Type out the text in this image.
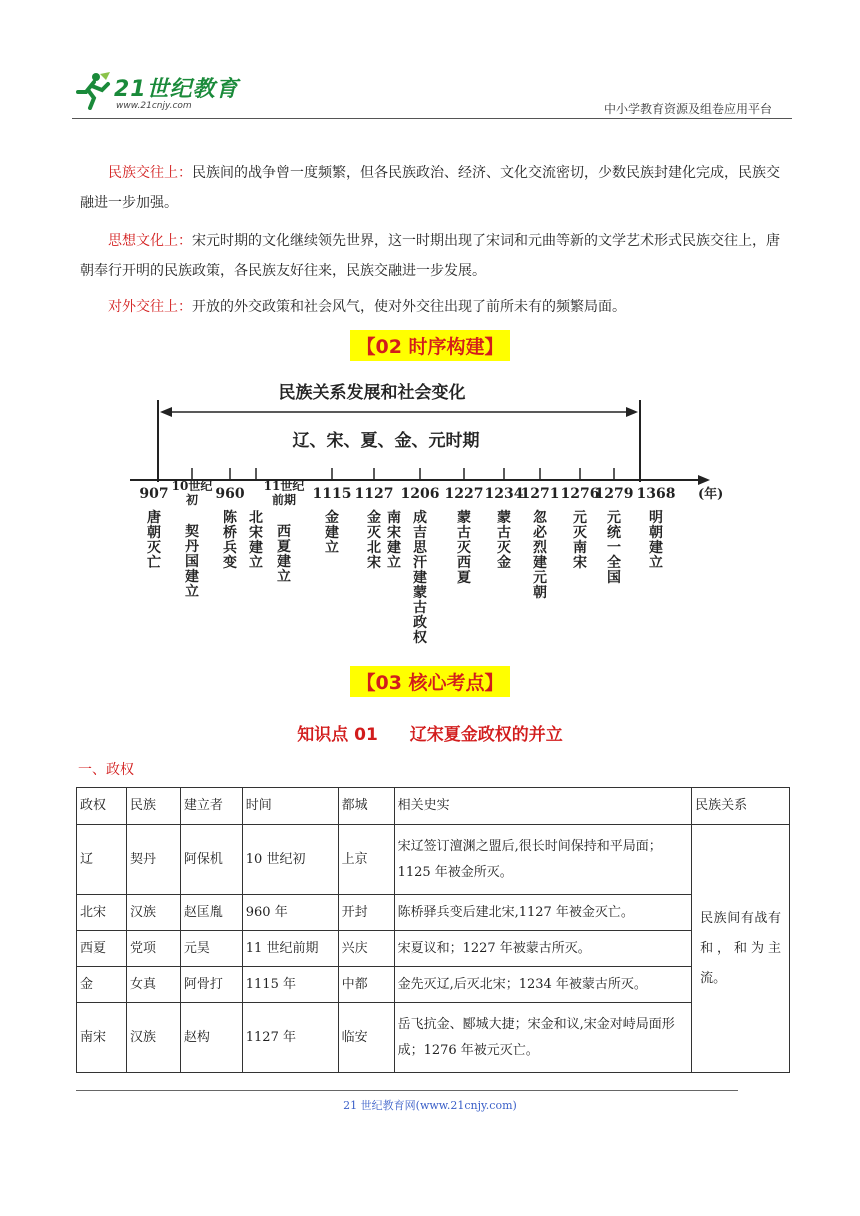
21世纪教育
www.21cnjy.com	中小学教育资源及组卷应用平台
民族交往上：民族间的战争曾一度频繁，但各民族政治、经济、文化交流密切，少数民族封建化完成，民族交融进一步加强。
思想文化上：宋元时期的文化继续领先世界，这一时期出现了宋词和元曲等新的文学艺术形式民族交往上，唐朝奉行开明的民族政策，各民族友好往来，民族交融进一步发展。
对外交往上：开放的外交政策和社会风气，使对外交往出现了前所未有的频繁局面。
【02 时序构建】
民族关系发展和社会变化
辽、宋、夏、金、元时期
(年)
907 10世纪
初 960 11世纪
前期 1115 1127 1206 1227 1234
1271 1276
1279 1368
唐
朝
灭
亡
契
丹
国
建
立
陈
桥
兵
变
北
宋
建
立
西
夏
建
立
金
建
立
金
灭
北
宋
南
宋
建
立
成
吉
思
汗
建
蒙
古
政
权
蒙
古
灭
西
夏
蒙
古
灭
金
忽
必
烈
建
元
朝
元
灭
南
宋
元
统
一
全
国
明
朝
建
立
【03 核心考点】
知识点 01 辽宋夏金政权的并立
一、政权
政权	民族	建立者	时间	都城	相关史实	民族关系
辽	契丹	阿保机	10 世纪初	上京	宋辽签订澶渊之盟后,很长时间保持和平局面；1125 年被金所灭。	民族间有战有和，和为主流。
北宋	汉族	赵匡胤	960 年	开封	陈桥驿兵变后建北宋,1127 年被金灭亡。	
西夏	党项	元昊	11 世纪前期	兴庆	宋夏议和；1227 年被蒙古所灭。	
金	女真	阿骨打	1115 年	中都	金先灭辽,后灭北宋；1234 年被蒙古所灭。	
南宋	汉族	赵构	1127 年	临安	岳飞抗金、郾城大捷；宋金和议,宋金对峙局面形成；1276 年被元灭亡。	
21 世纪教育网(www.21cnjy.com)
